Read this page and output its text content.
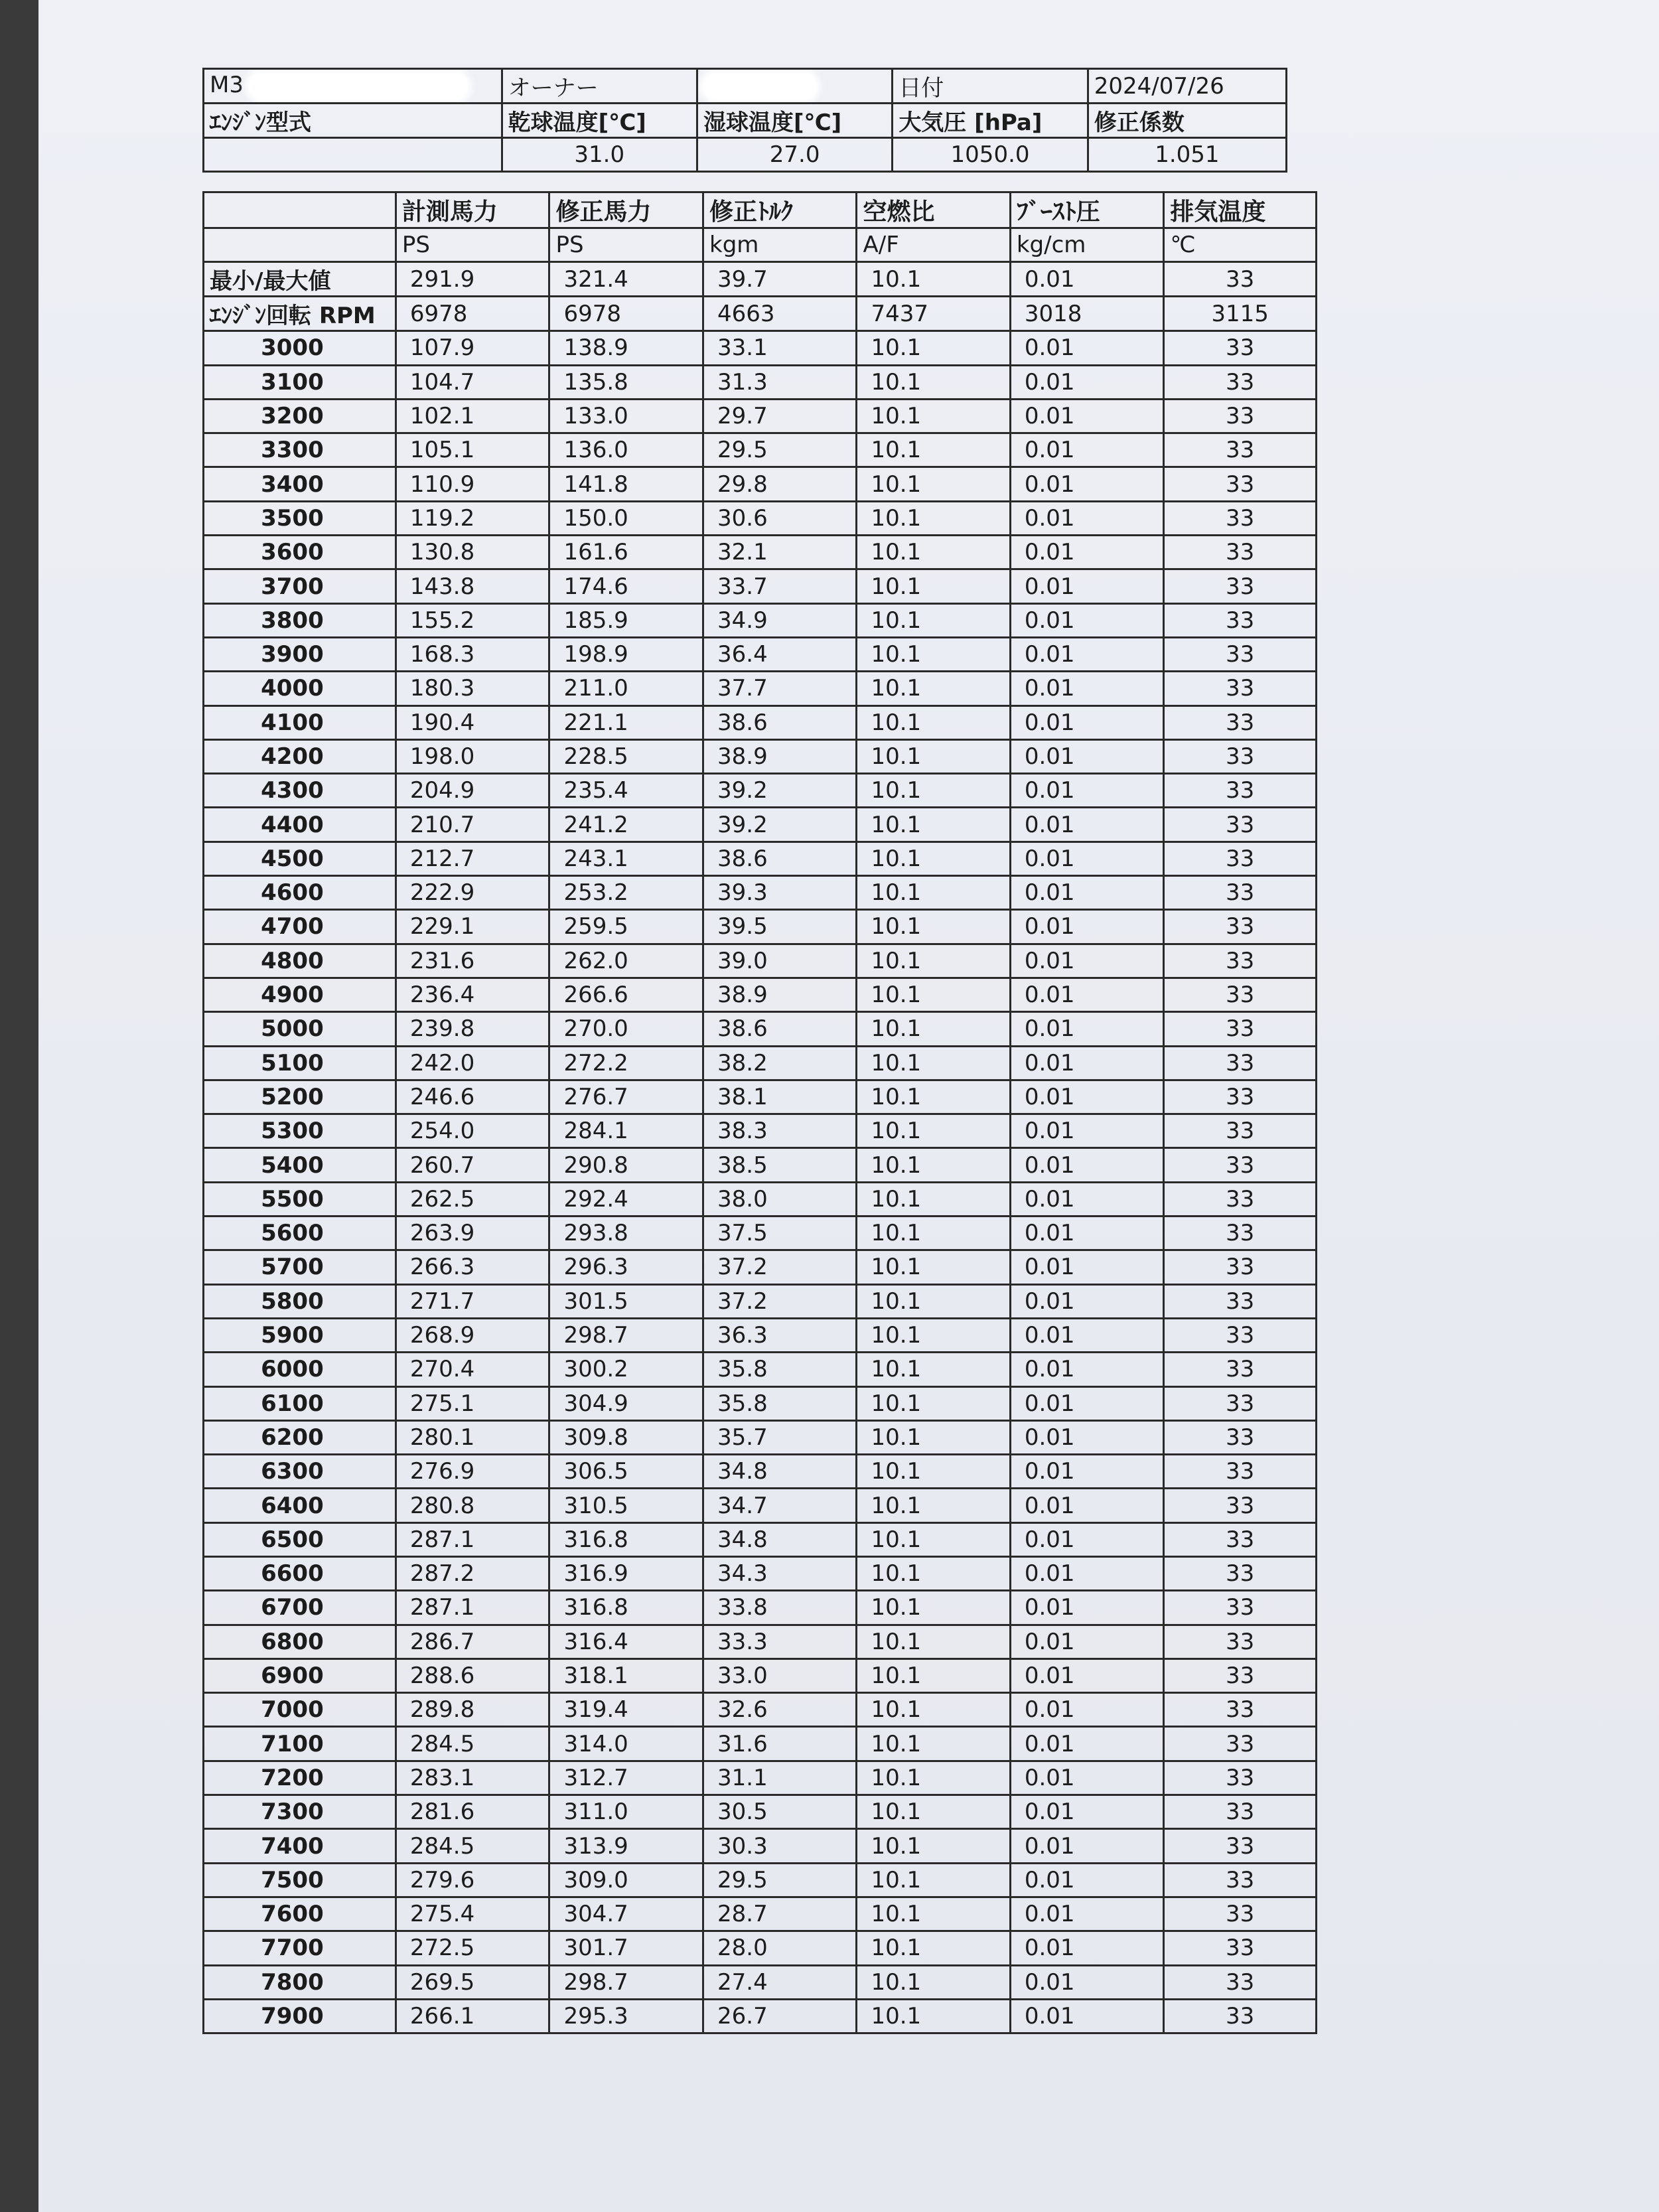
M3	オーナー		日付	2024/07/26
ｴﾝｼﾞﾝ型式	乾球温度[℃]	湿球温度[℃]	大気圧 [hPa]	修正係数
	31.0	27.0	1050.0	1.051
	計測馬力	修正馬力	修正ﾄﾙｸ	空燃比	ﾌﾞｰｽﾄ圧	排気温度
	PS	PS	kgm	A/F	kg/cm	℃
最小/最大値	291.9	321.4	39.7	10.1	0.01	33
ｴﾝｼﾞﾝ回転 RPM	6978	6978	4663	7437	3018	3115
3000	107.9	138.9	33.1	10.1	0.01	33
3100	104.7	135.8	31.3	10.1	0.01	33
3200	102.1	133.0	29.7	10.1	0.01	33
3300	105.1	136.0	29.5	10.1	0.01	33
3400	110.9	141.8	29.8	10.1	0.01	33
3500	119.2	150.0	30.6	10.1	0.01	33
3600	130.8	161.6	32.1	10.1	0.01	33
3700	143.8	174.6	33.7	10.1	0.01	33
3800	155.2	185.9	34.9	10.1	0.01	33
3900	168.3	198.9	36.4	10.1	0.01	33
4000	180.3	211.0	37.7	10.1	0.01	33
4100	190.4	221.1	38.6	10.1	0.01	33
4200	198.0	228.5	38.9	10.1	0.01	33
4300	204.9	235.4	39.2	10.1	0.01	33
4400	210.7	241.2	39.2	10.1	0.01	33
4500	212.7	243.1	38.6	10.1	0.01	33
4600	222.9	253.2	39.3	10.1	0.01	33
4700	229.1	259.5	39.5	10.1	0.01	33
4800	231.6	262.0	39.0	10.1	0.01	33
4900	236.4	266.6	38.9	10.1	0.01	33
5000	239.8	270.0	38.6	10.1	0.01	33
5100	242.0	272.2	38.2	10.1	0.01	33
5200	246.6	276.7	38.1	10.1	0.01	33
5300	254.0	284.1	38.3	10.1	0.01	33
5400	260.7	290.8	38.5	10.1	0.01	33
5500	262.5	292.4	38.0	10.1	0.01	33
5600	263.9	293.8	37.5	10.1	0.01	33
5700	266.3	296.3	37.2	10.1	0.01	33
5800	271.7	301.5	37.2	10.1	0.01	33
5900	268.9	298.7	36.3	10.1	0.01	33
6000	270.4	300.2	35.8	10.1	0.01	33
6100	275.1	304.9	35.8	10.1	0.01	33
6200	280.1	309.8	35.7	10.1	0.01	33
6300	276.9	306.5	34.8	10.1	0.01	33
6400	280.8	310.5	34.7	10.1	0.01	33
6500	287.1	316.8	34.8	10.1	0.01	33
6600	287.2	316.9	34.3	10.1	0.01	33
6700	287.1	316.8	33.8	10.1	0.01	33
6800	286.7	316.4	33.3	10.1	0.01	33
6900	288.6	318.1	33.0	10.1	0.01	33
7000	289.8	319.4	32.6	10.1	0.01	33
7100	284.5	314.0	31.6	10.1	0.01	33
7200	283.1	312.7	31.1	10.1	0.01	33
7300	281.6	311.0	30.5	10.1	0.01	33
7400	284.5	313.9	30.3	10.1	0.01	33
7500	279.6	309.0	29.5	10.1	0.01	33
7600	275.4	304.7	28.7	10.1	0.01	33
7700	272.5	301.7	28.0	10.1	0.01	33
7800	269.5	298.7	27.4	10.1	0.01	33
7900	266.1	295.3	26.7	10.1	0.01	33
